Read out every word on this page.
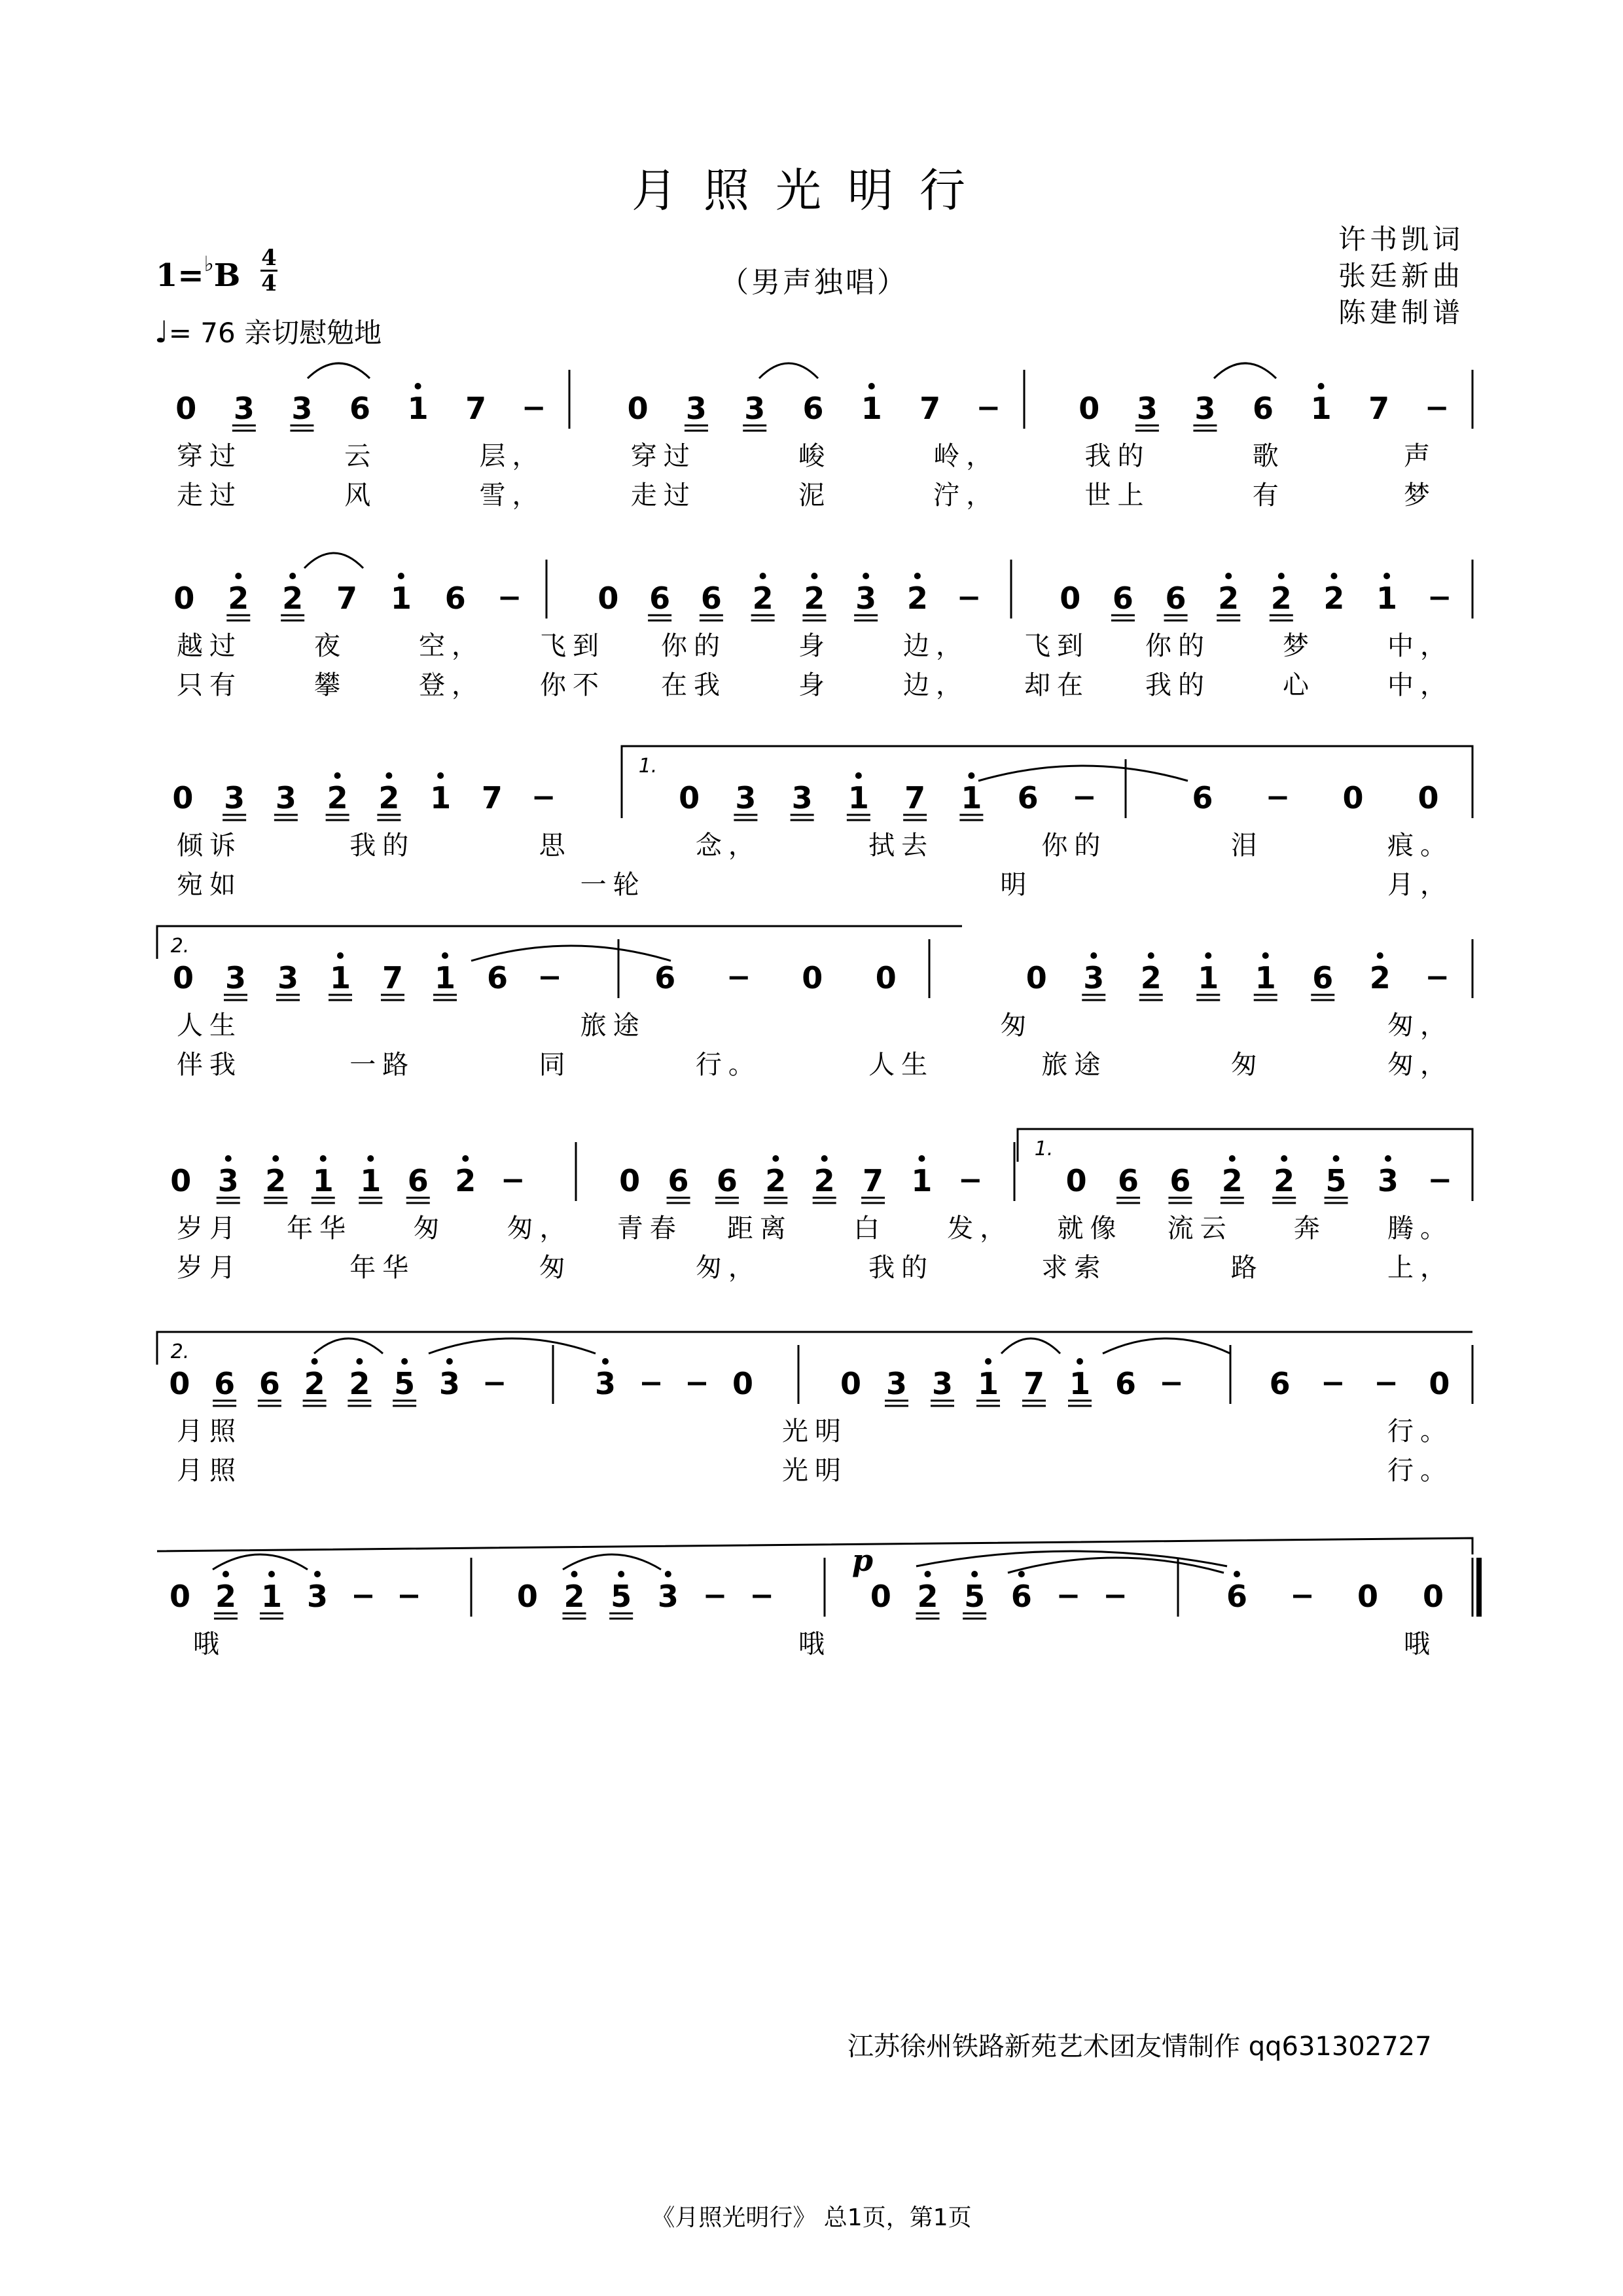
月照光明行
（男声独唱）
许书凯词
张廷新曲
陈建制谱
1=♭B 4
4
♩= 76 亲切慰勉地
0 3 3 6 1 7	0 3 3 6 1 7	0 3 3 6 1 7
穿过	云	层，	穿过	峻	岭，	我的	歌	声
走过	风	雪，	走过	泥	泞，	世上	有	梦
0 2 2 7 1 6	0 6 6 2 2 3 2	0 6 6 2 2 2 1
越过	夜	空， 飞到 你的	身	边， 飞到 你的	梦	中，
只有	攀	登， 你不 在我	身	边， 却在 我的	心	中，
0 3 3 2 2 1 7	0 3 3 1 7 1 6	6	0 0
倾诉	我的	思	念，	拭去	你的	泪	痕。
宛如	一轮	明	月，
0 3 3 1 7 1 6	6	0 0	0 3 2 1 1 6 2
人生	旅途	匆	匆，
伴我	一路	同	行。	人生	旅途	匆	匆，
0 3 2 1 1 6 2	0 6 6 2 2 7 1	0 6 6 2 2 5 3
岁月 年华 匆 匆， 青春 距离 白 发， 就像 流云 奔 腾。
岁月	年华	匆	匆，	我的	求索	路	上，
0 6 6 2 2 5 3	3	0	0 3 3 1 7 1 6	6	0
月照	光明	行。
月照	光明	行。
0 2 1 3	0 2 5 3	0 2 5 6	6	0 0
哦	哦	哦
1.
2.
1.
2.
p
江苏徐州铁路新苑艺术团友情制作 qq631302727
《月照光明行》 总1页，第1页
